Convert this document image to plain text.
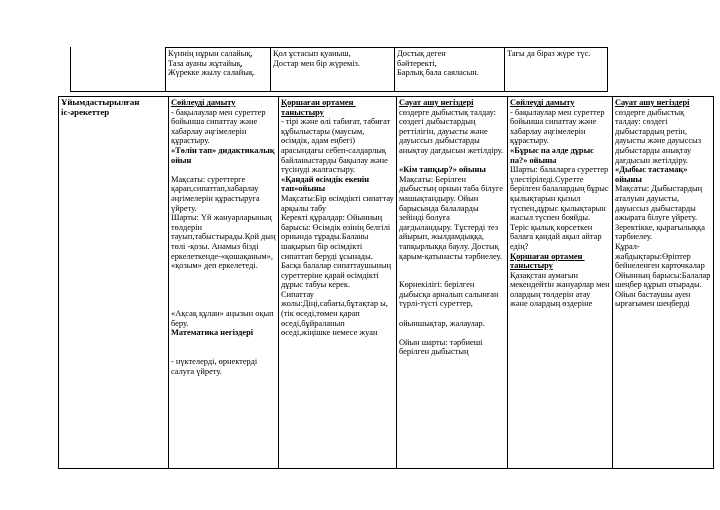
Күннің нұрын салайық,

Таза ауаны жұтайық,

Жүрекке жылу салайық.

Қол ұстасып қуаныш,

Достар мен бір жүреміз.

Достық деген

бәйтеректі,

Барлық бала саяласын.

Тағы да біраз жүре түс.

Ұйымдастырылған

іс-әрекеттер

Сөйлеуді дамыту

- бақылаулар мен суреттер бойынша сипаттау және хабарлау әңгімелерін құрастыру.

«Төлін тап» дидактикалық ойын

Мақсаты: суреттерге қарап,сипаттап,хабарлау әңгімелерін құрастыруға үйрету.

Шарты: Үй жануарларының төлдерін тауып,табыстырады.Қой дың төлі -қозы. Анамыз бізді еркелеткенде-«қошақаным», «қозым» деп еркелетеді.

«Ақсақ құлан» аңызын оқып беру.

Математика негіздері

- нүктелерді, өрнектерді салуға үйрету.

Қоршаған ортамен таныстыру

- тірі және өлі табиғат, табиғат құбылыстары (маусым, өсімдік, адам еңбегі) арасындағы себеп-салдарлық байланыстарды бақылау және түсінуді жалғастыру.

«Қандай өсімдік екенін тап»ойыны

Мақсаты:Бір өсімдікті сипаттау арқылы табу

Керекті құралдар: Ойынның барысы: Өсімдік өзінің белгілі орнында тұрады.Баланы шақырып бір өсімдікті сипаттап беруді ұсынады. Басқа балалар сипаттаушының суреттеріне қарай өсімдікті дұрыс табуы керек.

Сипаттау жолы:Діңі,сабағы,бұтақтар ы,(тік өседі,төмен қарап өседі,бұйраланып өседі,жіңішке немесе жуан

Сауат ашу негіздері

сөздерге дыбыстық талдау: сөздегі дыбыстардың реттілігін, дауысты және дауыссыз дыбыстарды анықтау дағдысын жетілдіру.

«Кім тапқыр?» ойыны

Мақсаты: Берілген дыбыстың орнын таба білуге машықтандыру. Ойын барысында балаларды зейінді болуға дағдыландыру. Тұстерді тез айырып, жылдамдыққа, тапқырлыққа баулу. Достық қарым-қатынасты тәрбиелеу.

Көрнекілігі: берілген дыбысқа арналып салынған түрлі-түсті суреттер,

ойыншықтар, жалаулар.

Ойын шарты: тәрбиеші берілген дыбыстың

Сөйлеуді дамыту

- бақылаулар мен суреттер бойынша сипаттау және хабарлау әңгімелерін құрастыру.

«Бұрыс па әлде дұрыс па?» ойыны

Шарты: балаларға суреттер үлестіріледі.Суретте берілген балалардың бұрыс қылықтарын қызыл түспен,дұрыс қылықтарын жасыл түспен бояйды. Теріс қылық көрсеткен балаға қандай ақыл айтар едің?

Қоршаған ортамен таныстыру

Қазақстан аумағын мекендейтін жануарлар мен олардың төлдерін атау және олардың өздеріне

Сауат ашу негіздері

сөздерге дыбыстық талдау: сөздегі дыбыстардың ретін, дауысты және дауыссыз дыбыстарды анықтау дағдысын жетілдіру.

«Дыбыс тастамақ» ойыны

Мақсаты: Дыбыстардың аталуын дауысты, дауыссыз дыбыстарды ажырата білуге үйрету. Зеректікке, қырағылыққа тәрбиелеу.

Құрал-жабдықтары:Өріптер бейнеленген карточкалар

Ойынның барысы:Балалар шеңбер құрып отырады. Ойын бастаушы ауен ырғағымен шеңбердi
